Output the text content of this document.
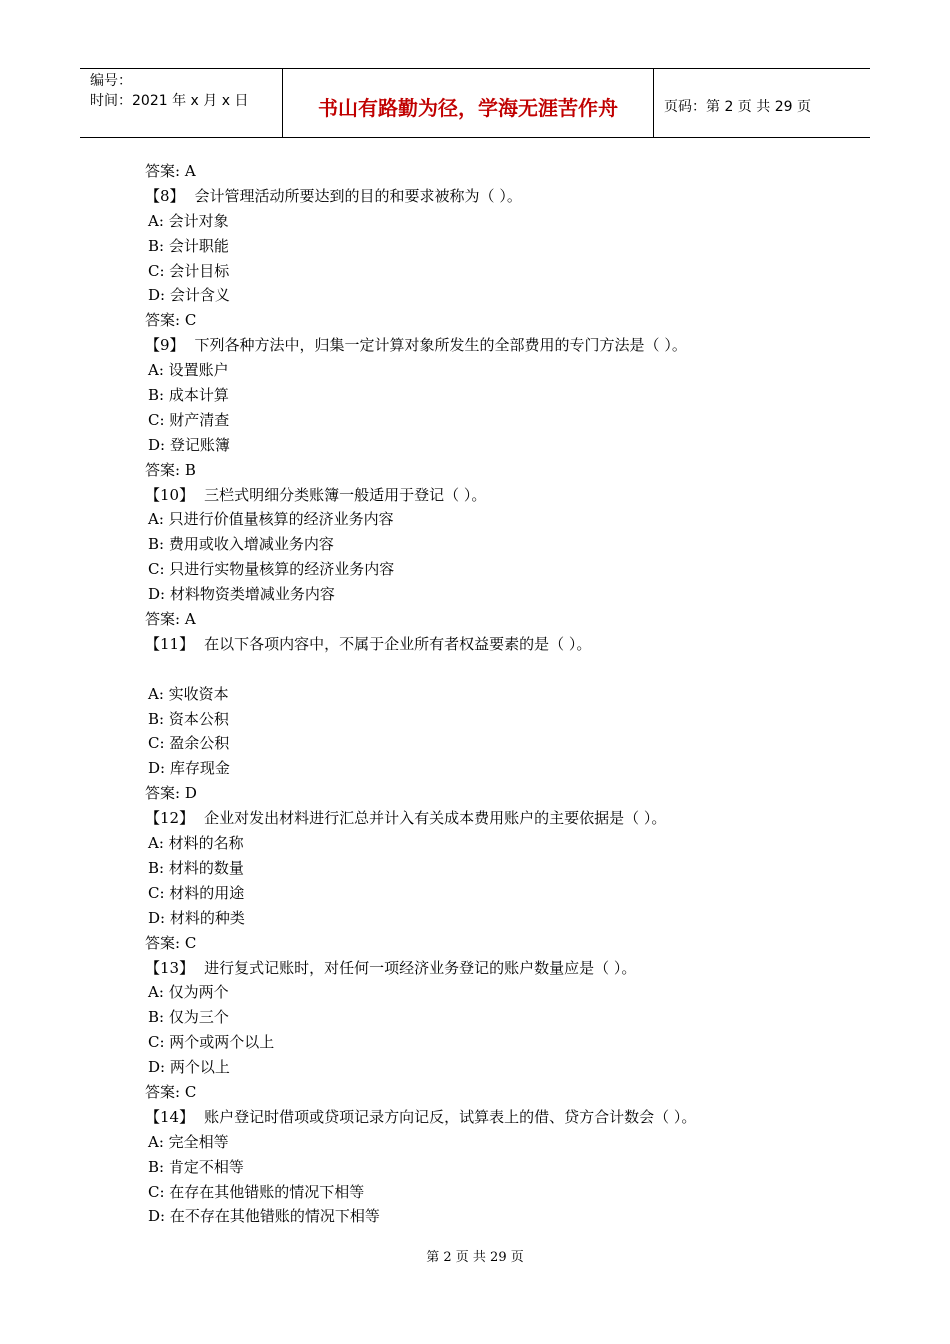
编号：
时间：2021 年 x 月 x 日	书山有路勤为径，学海无涯苦作舟	页码：第 2 页 共 29 页
答案: A
【8】 会计管理活动所要达到的目的和要求被称为（ ）。
A: 会计对象
B: 会计职能
C: 会计目标
D: 会计含义
答案: C
【9】 下列各种方法中，归集一定计算对象所发生的全部费用的专门方法是（ ）。
A: 设置账户
B: 成本计算
C: 财产清查
D: 登记账簿
答案: B
【10】 三栏式明细分类账簿一般适用于登记（ ）。
A: 只进行价值量核算的经济业务内容
B: 费用或收入增减业务内容
C: 只进行实物量核算的经济业务内容
D: 材料物资类增减业务内容
答案: A
【11】 在以下各项内容中，不属于企业所有者权益要素的是（ ）。
A: 实收资本
B: 资本公积
C: 盈余公积
D: 库存现金
答案: D
【12】 企业对发出材料进行汇总并计入有关成本费用账户的主要依据是（ ）。
A: 材料的名称
B: 材料的数量
C: 材料的用途
D: 材料的种类
答案: C
【13】 进行复式记账时，对任何一项经济业务登记的账户数量应是（ ）。
A: 仅为两个
B: 仅为三个
C: 两个或两个以上
D: 两个以上
答案: C
【14】 账户登记时借项或贷项记录方向记反，试算表上的借、贷方合计数会（ ）。
A: 完全相等
B: 肯定不相等
C: 在存在其他错账的情况下相等
D: 在不存在其他错账的情况下相等
第 2 页 共 29 页
